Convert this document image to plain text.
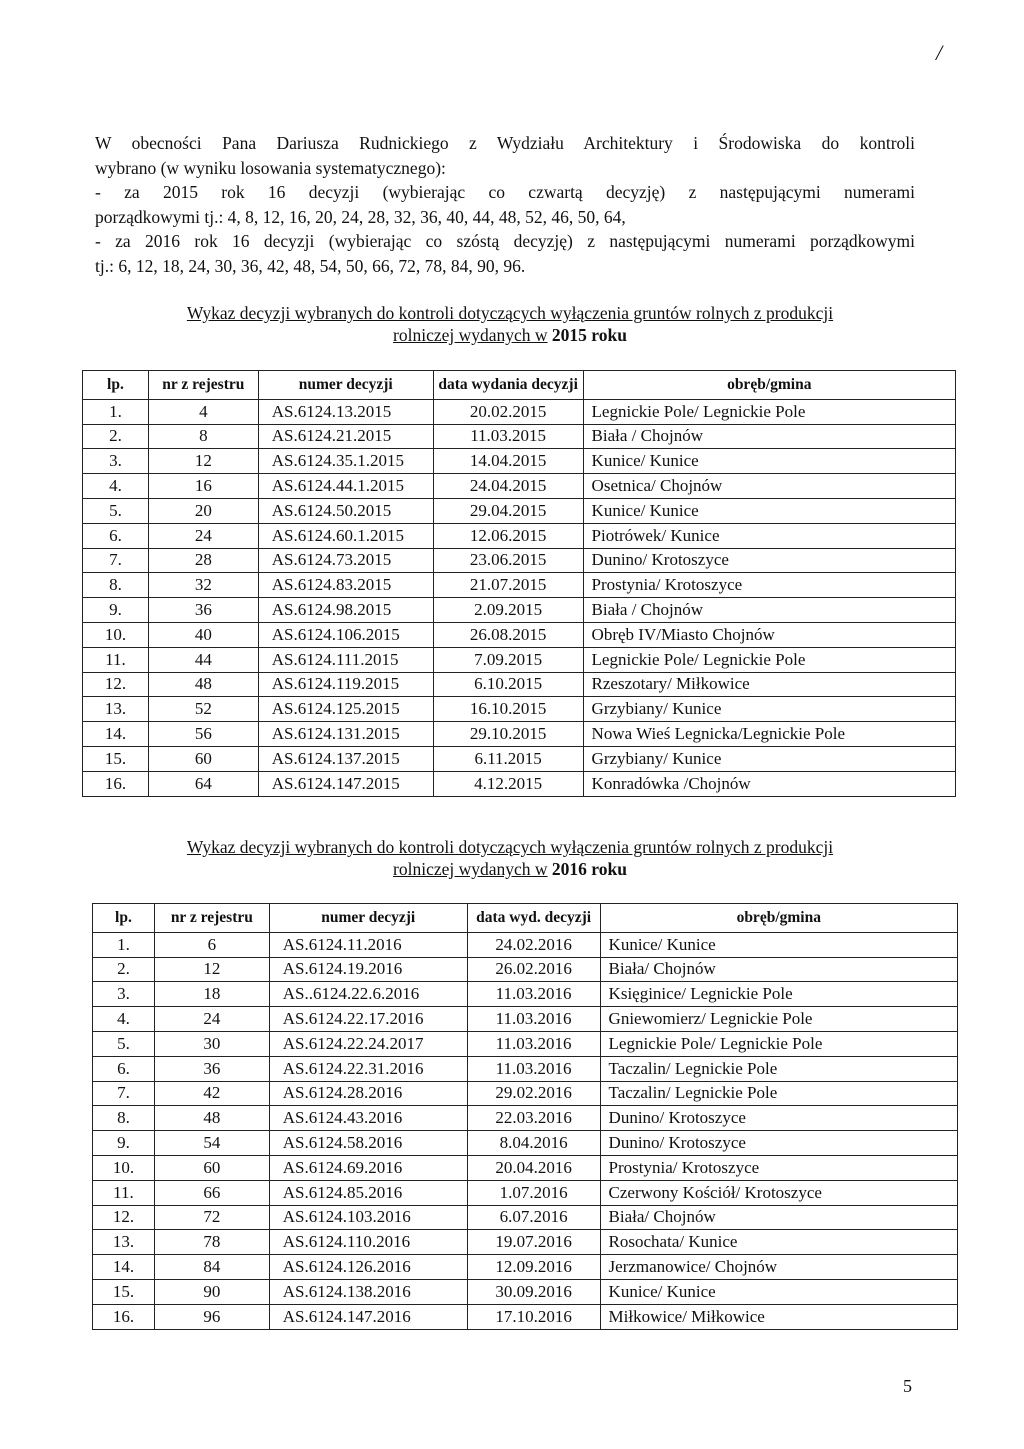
/
W obecności Pana Dariusza Rudnickiego z Wydziału Architektury i Środowiska do kontroli
wybrano (w wyniku losowania systematycznego):
- za 2015 rok 16 decyzji (wybierając co czwartą decyzję) z następującymi numerami
porządkowymi tj.: 4, 8, 12, 16, 20, 24, 28, 32, 36, 40, 44, 48, 52, 46, 50, 64,
- za 2016 rok 16 decyzji (wybierając co szóstą decyzję) z następującymi numerami porządkowymi
tj.: 6, 12, 18, 24, 30, 36, 42, 48, 54, 50, 66, 72, 78, 84, 90, 96.
Wykaz decyzji wybranych do kontroli dotyczących wyłączenia gruntów rolnych z produkcji
rolniczej wydanych w 2015 roku
lp.	nr z rejestru	numer decyzji	data wydania decyzji	obręb/gmina
1.	4	AS.6124.13.2015	20.02.2015	Legnickie Pole/ Legnickie Pole
2.	8	AS.6124.21.2015	11.03.2015	Biała / Chojnów
3.	12	AS.6124.35.1.2015	14.04.2015	Kunice/ Kunice
4.	16	AS.6124.44.1.2015	24.04.2015	Osetnica/ Chojnów
5.	20	AS.6124.50.2015	29.04.2015	Kunice/ Kunice
6.	24	AS.6124.60.1.2015	12.06.2015	Piotrówek/ Kunice
7.	28	AS.6124.73.2015	23.06.2015	Dunino/ Krotoszyce
8.	32	AS.6124.83.2015	21.07.2015	Prostynia/ Krotoszyce
9.	36	AS.6124.98.2015	2.09.2015	Biała / Chojnów
10.	40	AS.6124.106.2015	26.08.2015	Obręb IV/Miasto Chojnów
11.	44	AS.6124.111.2015	7.09.2015	Legnickie Pole/ Legnickie Pole
12.	48	AS.6124.119.2015	6.10.2015	Rzeszotary/ Miłkowice
13.	52	AS.6124.125.2015	16.10.2015	Grzybiany/ Kunice
14.	56	AS.6124.131.2015	29.10.2015	Nowa Wieś Legnicka/Legnickie Pole
15.	60	AS.6124.137.2015	6.11.2015	Grzybiany/ Kunice
16.	64	AS.6124.147.2015	4.12.2015	Konradówka /Chojnów
Wykaz decyzji wybranych do kontroli dotyczących wyłączenia gruntów rolnych z produkcji
rolniczej wydanych w 2016 roku
lp.	nr z rejestru	numer decyzji	data wyd. decyzji	obręb/gmina
1.	6	AS.6124.11.2016	24.02.2016	Kunice/ Kunice
2.	12	AS.6124.19.2016	26.02.2016	Biała/ Chojnów
3.	18	AS..6124.22.6.2016	11.03.2016	Księginice/ Legnickie Pole
4.	24	AS.6124.22.17.2016	11.03.2016	Gniewomierz/ Legnickie Pole
5.	30	AS.6124.22.24.2017	11.03.2016	Legnickie Pole/ Legnickie Pole
6.	36	AS.6124.22.31.2016	11.03.2016	Taczalin/ Legnickie Pole
7.	42	AS.6124.28.2016	29.02.2016	Taczalin/ Legnickie Pole
8.	48	AS.6124.43.2016	22.03.2016	Dunino/ Krotoszyce
9.	54	AS.6124.58.2016	8.04.2016	Dunino/ Krotoszyce
10.	60	AS.6124.69.2016	20.04.2016	Prostynia/ Krotoszyce
11.	66	AS.6124.85.2016	1.07.2016	Czerwony Kościół/ Krotoszyce
12.	72	AS.6124.103.2016	6.07.2016	Biała/ Chojnów
13.	78	AS.6124.110.2016	19.07.2016	Rosochata/ Kunice
14.	84	AS.6124.126.2016	12.09.2016	Jerzmanowice/ Chojnów
15.	90	AS.6124.138.2016	30.09.2016	Kunice/ Kunice
16.	96	AS.6124.147.2016	17.10.2016	Miłkowice/ Miłkowice
5
